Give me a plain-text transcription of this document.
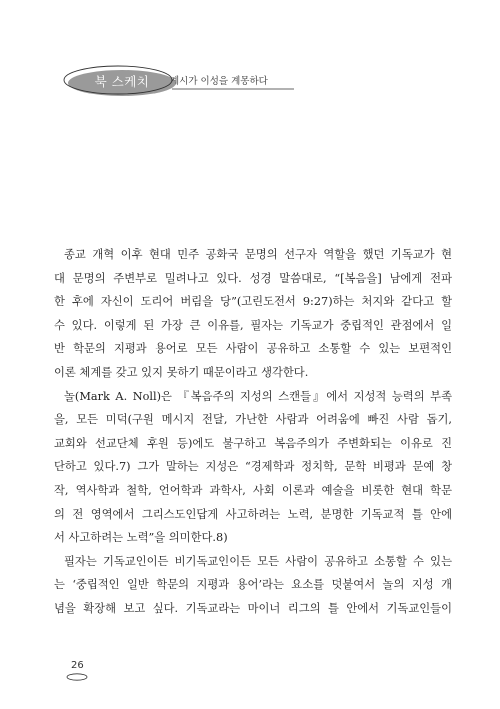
북 스케치	계시가 이성을 계몽하다
종교 개혁 이후 현대 민주 공화국 문명의 선구자 역할을 했던 기독교가 현
대 문명의 주변부로 밀려나고 있다. 성경 말씀대로, “[복음을] 남에게 전파
한 후에 자신이 도리어 버림을 당”(고린도전서 9:27)하는 처지와 같다고 할
수 있다. 이렇게 된 가장 큰 이유를, 필자는 기독교가 중립적인 관점에서 일
반 학문의 지평과 용어로 모든 사람이 공유하고 소통할 수 있는 보편적인
이론 체계를 갖고 있지 못하기 때문이라고 생각한다.
놀(Mark A. Noll)은 『복음주의 지성의 스캔들』에서 지성적 능력의 부족
을, 모든 미덕(구원 메시지 전달, 가난한 사람과 어려움에 빠진 사람 돕기,
교회와 선교단체 후원 등)에도 불구하고 복음주의가 주변화되는 이유로 진
단하고 있다.7) 그가 말하는 지성은 “경제학과 정치학, 문학 비평과 문예 창
작, 역사학과 철학, 언어학과 과학사, 사회 이론과 예술을 비롯한 현대 학문
의 전 영역에서 그리스도인답게 사고하려는 노력, 분명한 기독교적 틀 안에
서 사고하려는 노력”을 의미한다.8)
필자는 기독교인이든 비기독교인이든 모든 사람이 공유하고 소통할 수 있는
는 ‘중립적인 일반 학문의 지평과 용어’라는 요소를 덧붙여서 놀의 지성 개
념을 확장해 보고 싶다. 기독교라는 마이너 리그의 틀 안에서 기독교인들이
26
